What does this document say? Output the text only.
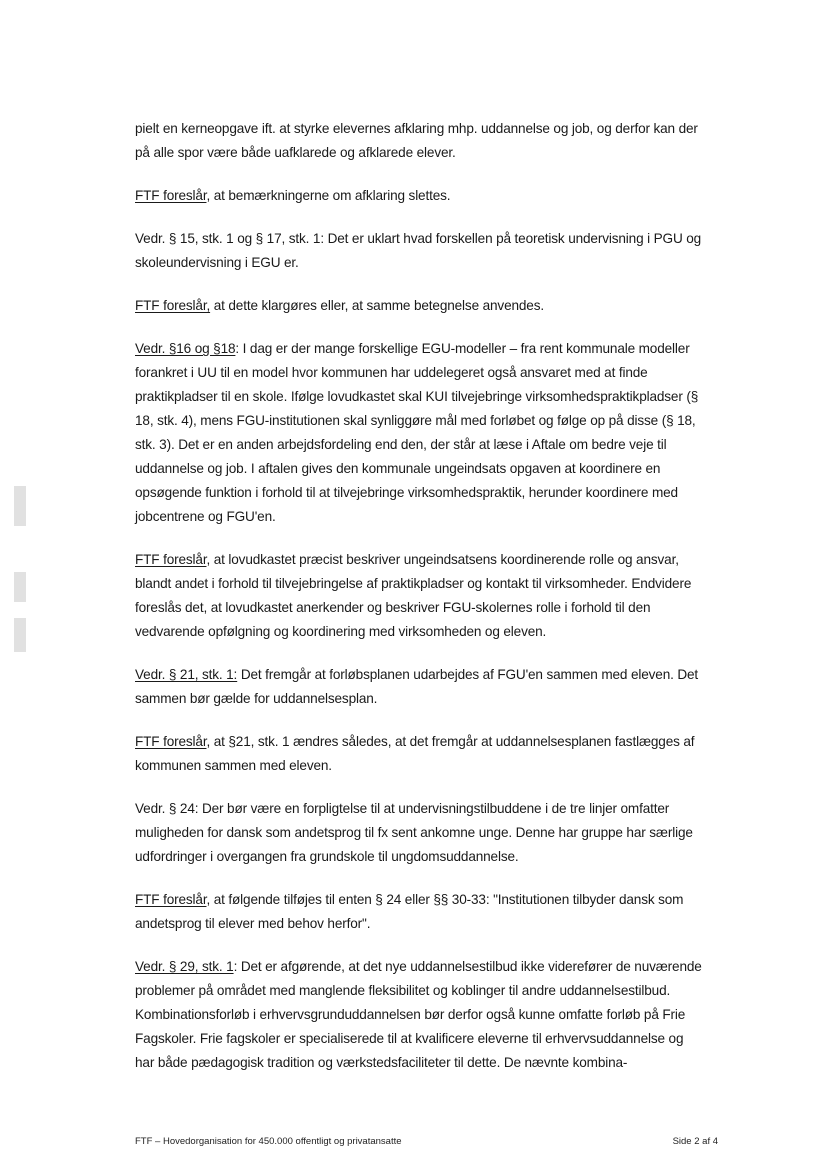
pielt en kerneopgave ift. at styrke elevernes afklaring mhp. uddannelse og job, og derfor kan der på alle spor være både uafklarede og afklarede elever.

FTF foreslår, at bemærkningerne om afklaring slettes.

Vedr. § 15, stk. 1 og § 17, stk. 1: Det er uklart hvad forskellen på teoretisk undervisning i PGU og skoleundervisning i EGU er.

FTF foreslår, at dette klargøres eller, at samme betegnelse anvendes.

Vedr. §16 og §18: I dag er der mange forskellige EGU-modeller – fra rent kommunale modeller forankret i UU til en model hvor kommunen har uddelegeret også ansvaret med at finde praktikpladser til en skole. Ifølge lovudkastet skal KUI tilvejebringe virksomhedspraktikpladser (§ 18, stk. 4), mens FGU-institutionen skal synliggøre mål med forløbet og følge op på disse (§ 18, stk. 3). Det er en anden arbejdsfordeling end den, der står at læse i Aftale om bedre veje til uddannelse og job. I aftalen gives den kommunale ungeindsats opgaven at koordinere en opsøgende funktion i forhold til at tilvejebringe virksomhedspraktik, herunder koordinere med jobcentrene og FGU'en.

FTF foreslår, at lovudkastet præcist beskriver ungeindsatsens koordinerende rolle og ansvar, blandt andet i forhold til tilvejebringelse af praktikpladser og kontakt til virksomheder. Endvidere foreslås det, at lovudkastet anerkender og beskriver FGU-skolernes rolle i forhold til den vedvarende opfølgning og koordinering med virksomheden og eleven.

Vedr. § 21, stk. 1: Det fremgår at forløbsplanen udarbejdes af FGU'en sammen med eleven. Det sammen bør gælde for uddannelsesplan.

FTF foreslår, at §21, stk. 1 ændres således, at det fremgår at uddannelsesplanen fastlægges af kommunen sammen med eleven.

Vedr. § 24: Der bør være en forpligtelse til at undervisningstilbuddene i de tre linjer omfatter muligheden for dansk som andetsprog til fx sent ankomne unge. Denne har gruppe har særlige udfordringer i overgangen fra grundskole til ungdomsuddannelse.

FTF foreslår, at følgende tilføjes til enten § 24 eller §§ 30-33: "Institutionen tilbyder dansk som andetsprog til elever med behov herfor".

Vedr. § 29, stk. 1: Det er afgørende, at det nye uddannelsestilbud ikke viderefører de nuværende problemer på området med manglende fleksibilitet og koblinger til andre uddannelsestilbud. Kombinationsforløb i erhvervsgrunduddannelsen bør derfor også kunne omfatte forløb på Frie Fagskoler. Frie fagskoler er specialiserede til at kvalificere eleverne til erhvervsuddannelse og har både pædagogisk tradition og værkstedsfaciliteter til dette. De nævnte kombina-

FTF – Hovedorganisation for 450.000 offentligt og privatansatte	Side 2 af 4
